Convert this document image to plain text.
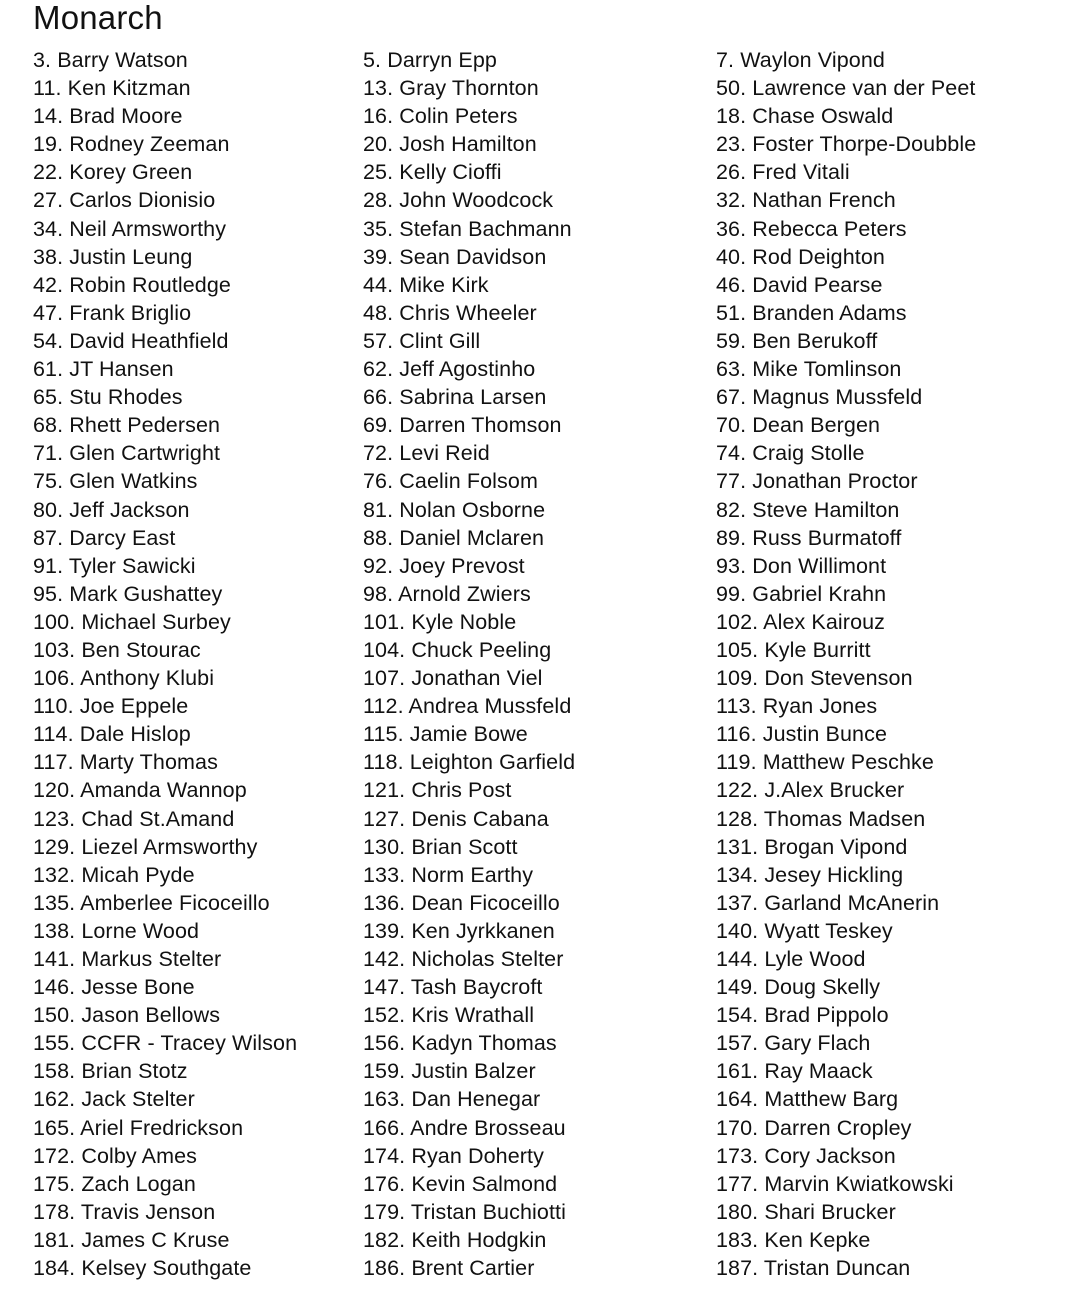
Monarch
3. Barry Watson
11. Ken Kitzman
14. Brad Moore
19. Rodney Zeeman
22. Korey Green
27. Carlos Dionisio
34. Neil Armsworthy
38. Justin Leung
42. Robin Routledge
47. Frank Briglio
54. David Heathfield
61. JT Hansen
65. Stu Rhodes
68. Rhett Pedersen
71. Glen Cartwright
75. Glen Watkins
80. Jeff Jackson
87. Darcy East
91. Tyler Sawicki
95. Mark Gushattey
100. Michael Surbey
103. Ben Stourac
106. Anthony Klubi
110. Joe Eppele
114. Dale Hislop
117. Marty Thomas
120. Amanda Wannop
123. Chad St.Amand
129. Liezel Armsworthy
132. Micah Pyde
135. Amberlee Ficoceillo
138. Lorne Wood
141. Markus Stelter
146. Jesse Bone
150. Jason Bellows
155. CCFR - Tracey Wilson
158. Brian Stotz
162. Jack Stelter
165. Ariel Fredrickson
172. Colby Ames
175. Zach Logan
178. Travis Jenson
181. James C Kruse
184. Kelsey Southgate
5. Darryn Epp
13. Gray Thornton
16. Colin Peters
20. Josh Hamilton
25. Kelly Cioffi
28. John Woodcock
35. Stefan Bachmann
39. Sean Davidson
44. Mike Kirk
48. Chris Wheeler
57. Clint Gill
62. Jeff Agostinho
66. Sabrina Larsen
69. Darren Thomson
72. Levi Reid
76. Caelin Folsom
81. Nolan Osborne
88. Daniel Mclaren
92. Joey Prevost
98. Arnold Zwiers
101. Kyle Noble
104. Chuck Peeling
107. Jonathan Viel
112. Andrea Mussfeld
115. Jamie Bowe
118. Leighton Garfield
121. Chris Post
127. Denis Cabana
130. Brian Scott
133. Norm Earthy
136. Dean Ficoceillo
139. Ken Jyrkkanen
142. Nicholas Stelter
147. Tash Baycroft
152. Kris Wrathall
156. Kadyn Thomas
159. Justin Balzer
163. Dan Henegar
166. Andre Brosseau
174. Ryan Doherty
176. Kevin Salmond
179. Tristan Buchiotti
182. Keith Hodgkin
186. Brent Cartier
7. Waylon Vipond
50. Lawrence van der Peet
18. Chase Oswald
23. Foster Thorpe-Doubble
26. Fred Vitali
32. Nathan French
36. Rebecca Peters
40. Rod Deighton
46. David Pearse
51. Branden Adams
59. Ben Berukoff
63. Mike Tomlinson
67. Magnus Mussfeld
70. Dean Bergen
74. Craig Stolle
77. Jonathan Proctor
82. Steve Hamilton
89. Russ Burmatoff
93. Don Willimont
99. Gabriel Krahn
102. Alex Kairouz
105. Kyle Burritt
109. Don Stevenson
113. Ryan Jones
116. Justin Bunce
119. Matthew Peschke
122. J.Alex Brucker
128. Thomas Madsen
131. Brogan Vipond
134. Jesey Hickling
137. Garland McAnerin
140. Wyatt Teskey
144. Lyle Wood
149. Doug Skelly
154. Brad Pippolo
157. Gary Flach
161. Ray Maack
164. Matthew Barg
170. Darren Cropley
173. Cory Jackson
177. Marvin Kwiatkowski
180. Shari Brucker
183. Ken Kepke
187. Tristan Duncan
